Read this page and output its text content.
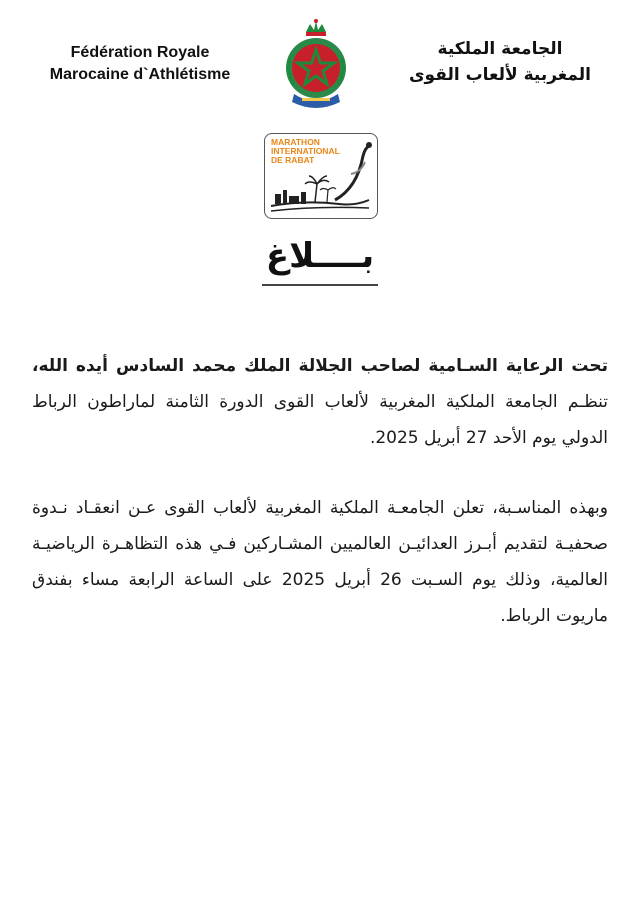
Fédération Royale
Marocaine d`Athlétisme
الجامعة الملكية
المغربية لألعاب القوى
MARATHON
INTERNATIONAL
DE RABAT
بــــلاغ
تحت الرعاية السـامية لصاحب الجلالة الملك محمد السادس أيده الله، تنظـم الجامعة الملكية المغربية لألعاب القوى الدورة الثامنة لماراطون الرباط الدولي يوم الأحد 27 أبريل 2025.
وبهذه المناسـبة، تعلن الجامعـة الملكية المغربية لألعاب القوى عـن انعقـاد نـدوة صحفيـة لتقديم أبـرز العدائيـن العالميين المشـاركين فـي هذه التظاهـرة الرياضيـة العالمية، وذلك يوم السـبت 26 أبريل 2025 على الساعة الرابعة مساء بفندق ماريوت الرباط.
